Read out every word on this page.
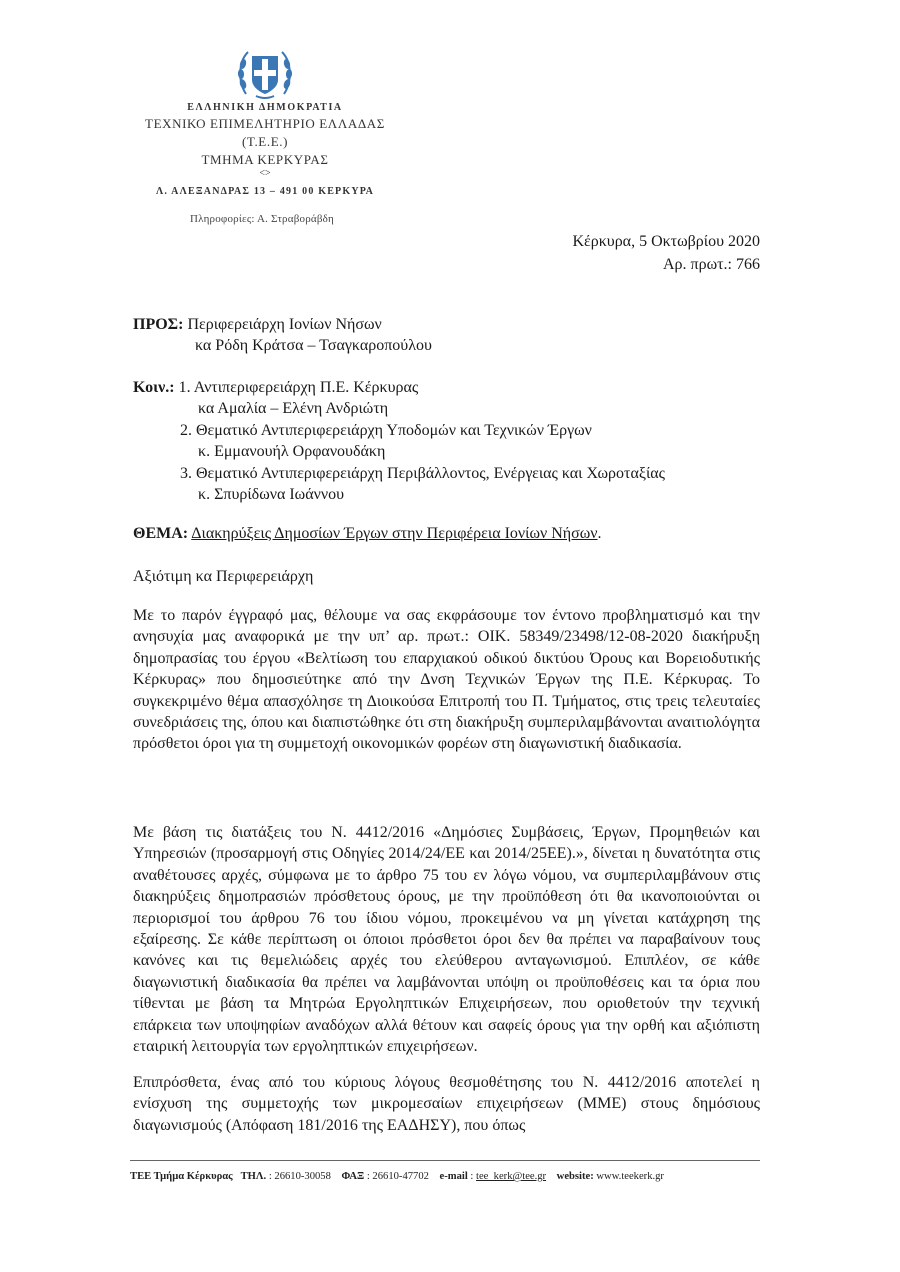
ΕΛΛΗΝΙΚΗ ΔΗΜΟΚΡΑΤΙΑ
ΤΕΧΝΙΚΟ ΕΠΙΜΕΛΗΤΗΡΙΟ ΕΛΛΑΔΑΣ
(Τ.Ε.Ε.)
ΤΜΗΜΑ ΚΕΡΚΥΡΑΣ
<>
Λ. ΑΛΕΞΑΝΔΡΑΣ 13 – 491 00 ΚΕΡΚΥΡΑ
Πληροφορίες: Α. Στραβοράβδη
Κέρκυρα, 5 Οκτωβρίου 2020
Αρ. πρωτ.: 766
ΠΡΟΣ: Περιφερειάρχη Ιονίων Νήσων
κα Ρόδη Κράτσα – Τσαγκαροπούλου
Κοιν.: 1. Αντιπεριφερειάρχη Π.Ε. Κέρκυρας
κα Αμαλία – Ελένη Ανδριώτη
2. Θεματικό Αντιπεριφερειάρχη Υποδομών και Τεχνικών Έργων
κ. Εμμανουήλ Ορφανουδάκη
3. Θεματικό Αντιπεριφερειάρχη Περιβάλλοντος, Ενέργειας και Χωροταξίας
κ. Σπυρίδωνα Ιωάννου
ΘΕΜΑ: Διακηρύξεις Δημοσίων Έργων στην Περιφέρεια Ιονίων Νήσων.
Αξιότιμη κα Περιφερειάρχη
Με το παρόν έγγραφό μας, θέλουμε να σας εκφράσουμε τον έντονο προβληματισμό και την ανησυχία μας αναφορικά με την υπ’ αρ. πρωτ.: ΟΙΚ. 58349/23498/12-08-2020 διακήρυξη δημοπρασίας του έργου «Βελτίωση του επαρχιακού οδικού δικτύου Όρους και Βορειοδυτικής Κέρκυρας» που δημοσιεύτηκε από την Δνση Τεχνικών Έργων της Π.Ε. Κέρκυρας. Το συγκεκριμένο θέμα απασχόλησε τη Διοικούσα Επιτροπή του Π. Τμήματος, στις τρεις τελευταίες συνεδριάσεις της, όπου και διαπιστώθηκε ότι στη διακήρυξη συμπεριλαμβάνονται αναιτιολόγητα πρόσθετοι όροι για τη συμμετοχή οικονομικών φορέων στη διαγωνιστική διαδικασία.
Με βάση τις διατάξεις του Ν. 4412/2016 «Δημόσιες Συμβάσεις, Έργων, Προμηθειών και Υπηρεσιών (προσαρμογή στις Οδηγίες 2014/24/ΕΕ και 2014/25ΕΕ).», δίνεται η δυνατότητα στις αναθέτουσες αρχές, σύμφωνα με το άρθρο 75 του εν λόγω νόμου, να συμπεριλαμβάνουν στις διακηρύξεις δημοπρασιών πρόσθετους όρους, με την προϋπόθεση ότι θα ικανοποιούνται οι περιορισμοί του άρθρου 76 του ίδιου νόμου, προκειμένου να μη γίνεται κατάχρηση της εξαίρεσης. Σε κάθε περίπτωση οι όποιοι πρόσθετοι όροι δεν θα πρέπει να παραβαίνουν τους κανόνες και τις θεμελιώδεις αρχές του ελεύθερου ανταγωνισμού. Επιπλέον, σε κάθε διαγωνιστική διαδικασία θα πρέπει να λαμβάνονται υπόψη οι προϋποθέσεις και τα όρια που τίθενται με βάση τα Μητρώα Εργοληπτικών Επιχειρήσεων, που οριοθετούν την τεχνική επάρκεια των υποψηφίων αναδόχων αλλά θέτουν και σαφείς όρους για την ορθή και αξιόπιστη εταιρική λειτουργία των εργοληπτικών επιχειρήσεων.
Επιπρόσθετα, ένας από του κύριους λόγους θεσμοθέτησης του Ν. 4412/2016 αποτελεί η ενίσχυση της συμμετοχής των μικρομεσαίων επιχειρήσεων (ΜΜΕ) στους δημόσιους διαγωνισμούς (Απόφαση 181/2016 της ΕΑΔΗΣΥ), που όπως
ΤΕΕ Τμήμα Κέρκυρας ΤΗΛ. : 26610-30058 ΦΑΞ : 26610-47702 e-mail : tee_kerk@tee.gr website: www.teekerk.gr
